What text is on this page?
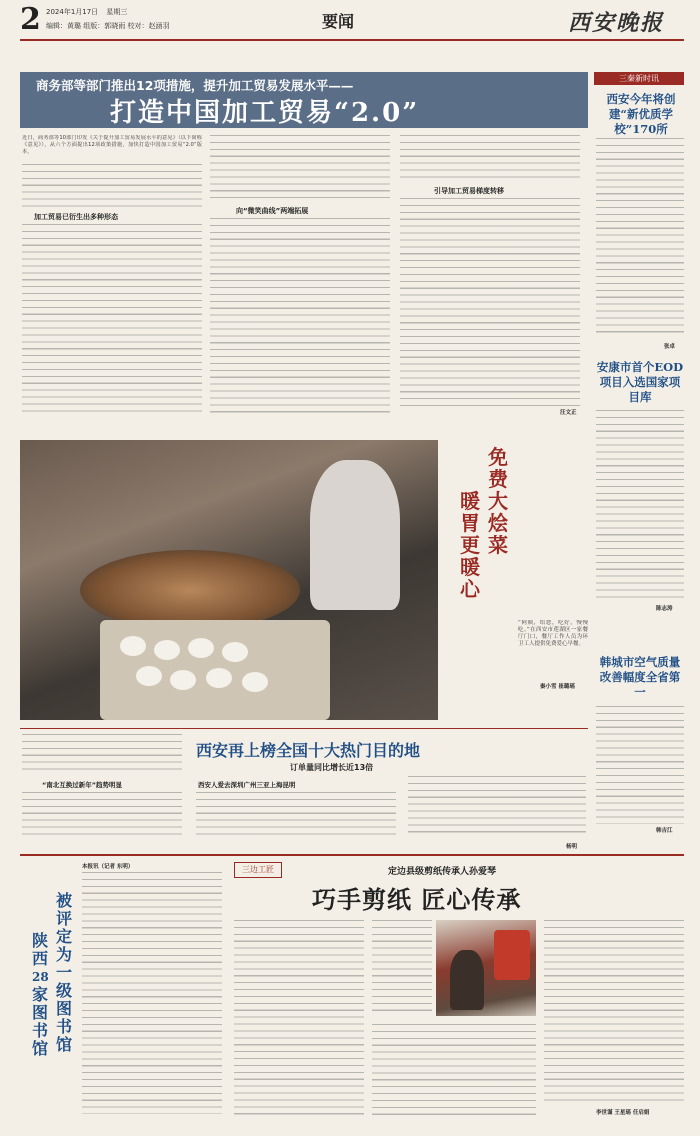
2 2024年1月17日 星期三
编辑：黄璐 组版：郭晓雨 校对：赵涵羽	要闻	西安晚报
商务部等部门推出12项措施，提升加工贸易发展水平——
打造中国加工贸易“2.0”
近日，商务部等10部门印发《关于提升加工贸易发展水平的意见》（以下简称《意见》），从六个方面提出12项政策措施，加快打造中国加工贸易“2.0”版本。
加工贸易已衍生出多种形态
向“微笑曲线”两端拓展
引导加工贸易梯度转移
汪文正
三秦新时讯
西安今年将创建“新优质学校”170所
张卓
安康市首个EOD项目入选国家项目库
陈志涛
韩城市空气质量改善幅度全省第一
韩吉江
免
费
大
烩
菜
暖
胃
更
暖
心
“阿姨，给您，吃好，慢慢吃。”在西安市莲湖区一家餐厅门口，餐厅工作人员为环卫工人提供免费爱心早餐。
秦小雪 崔璐瑶
西安再上榜全国十大热门目的地
订单量同比增长近13倍
“南北互换过新年”趋势明显	西安人爱去深圳广州三亚上海昆明
杨明
被
评
定
为
一
级
图
书
馆
陕
西
28
家
图
书
馆
本报讯（记者 东明）	三边工匠	定边县级剪纸传承人孙爱琴
巧手剪纸 匠心传承
李世谨 王星瑶 任启娟
